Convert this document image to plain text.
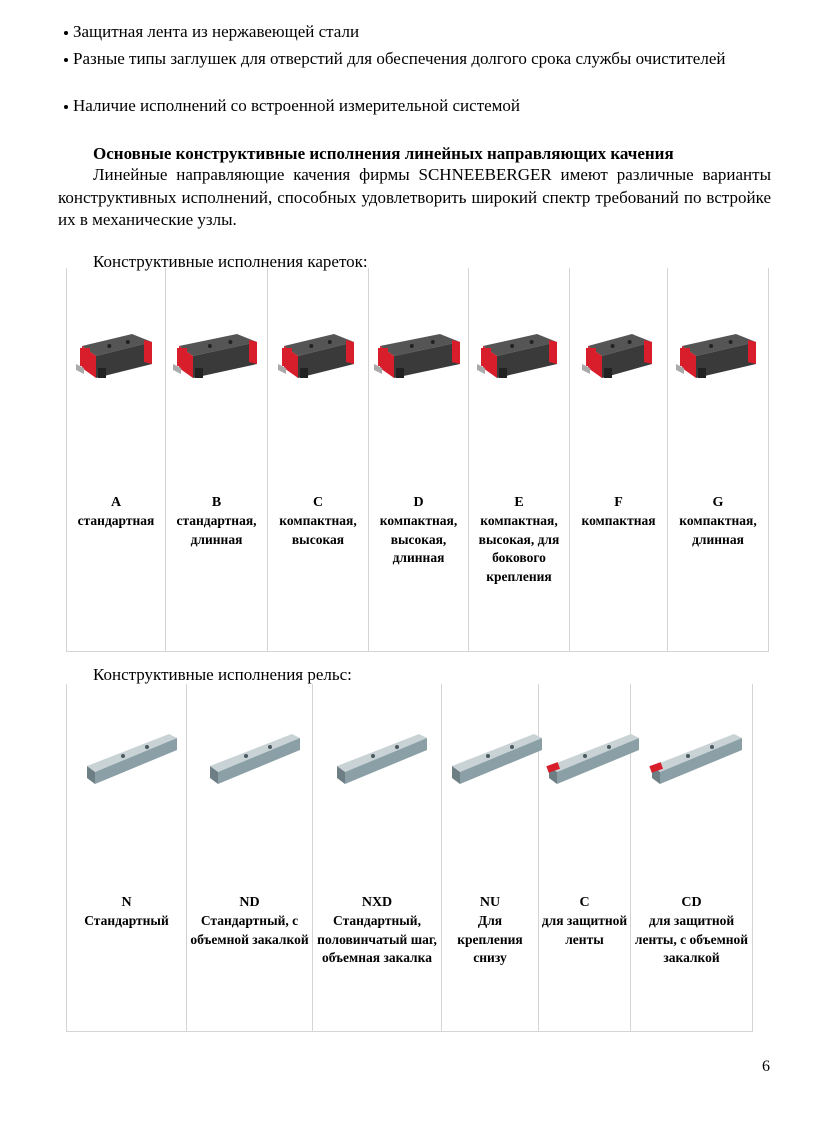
Защитная лента из нержавеющей стали
Разные типы заглушек для отверстий для обеспечения долгого срока службы очистителей
Наличие исполнений со встроенной измерительной системой
Основные конструктивные исполнения линейных направляющих качения
Линейные направляющие качения фирмы SCHNEEBERGER имеют различные варианты конструктивных исполнений, способных удовлетворить широкий спектр требований по встройке их в механические узлы.
Конструктивные исполнения кареток:
A
стандартная
B
стандартная, длинная
C
компактная, высокая
D
компактная, высокая, длинная
E
компактная, высокая, для бокового крепления
F
компактная
G
компактная, длинная
Конструктивные исполнения рельс:
N
Стандартный
ND
Стандартный, с объемной закалкой
NXD
Стандартный, половинчатый шаг, объемная закалка
NU
Для крепления снизу
C
для защитной ленты
CD
для защитной ленты, с объемной закалкой
6
